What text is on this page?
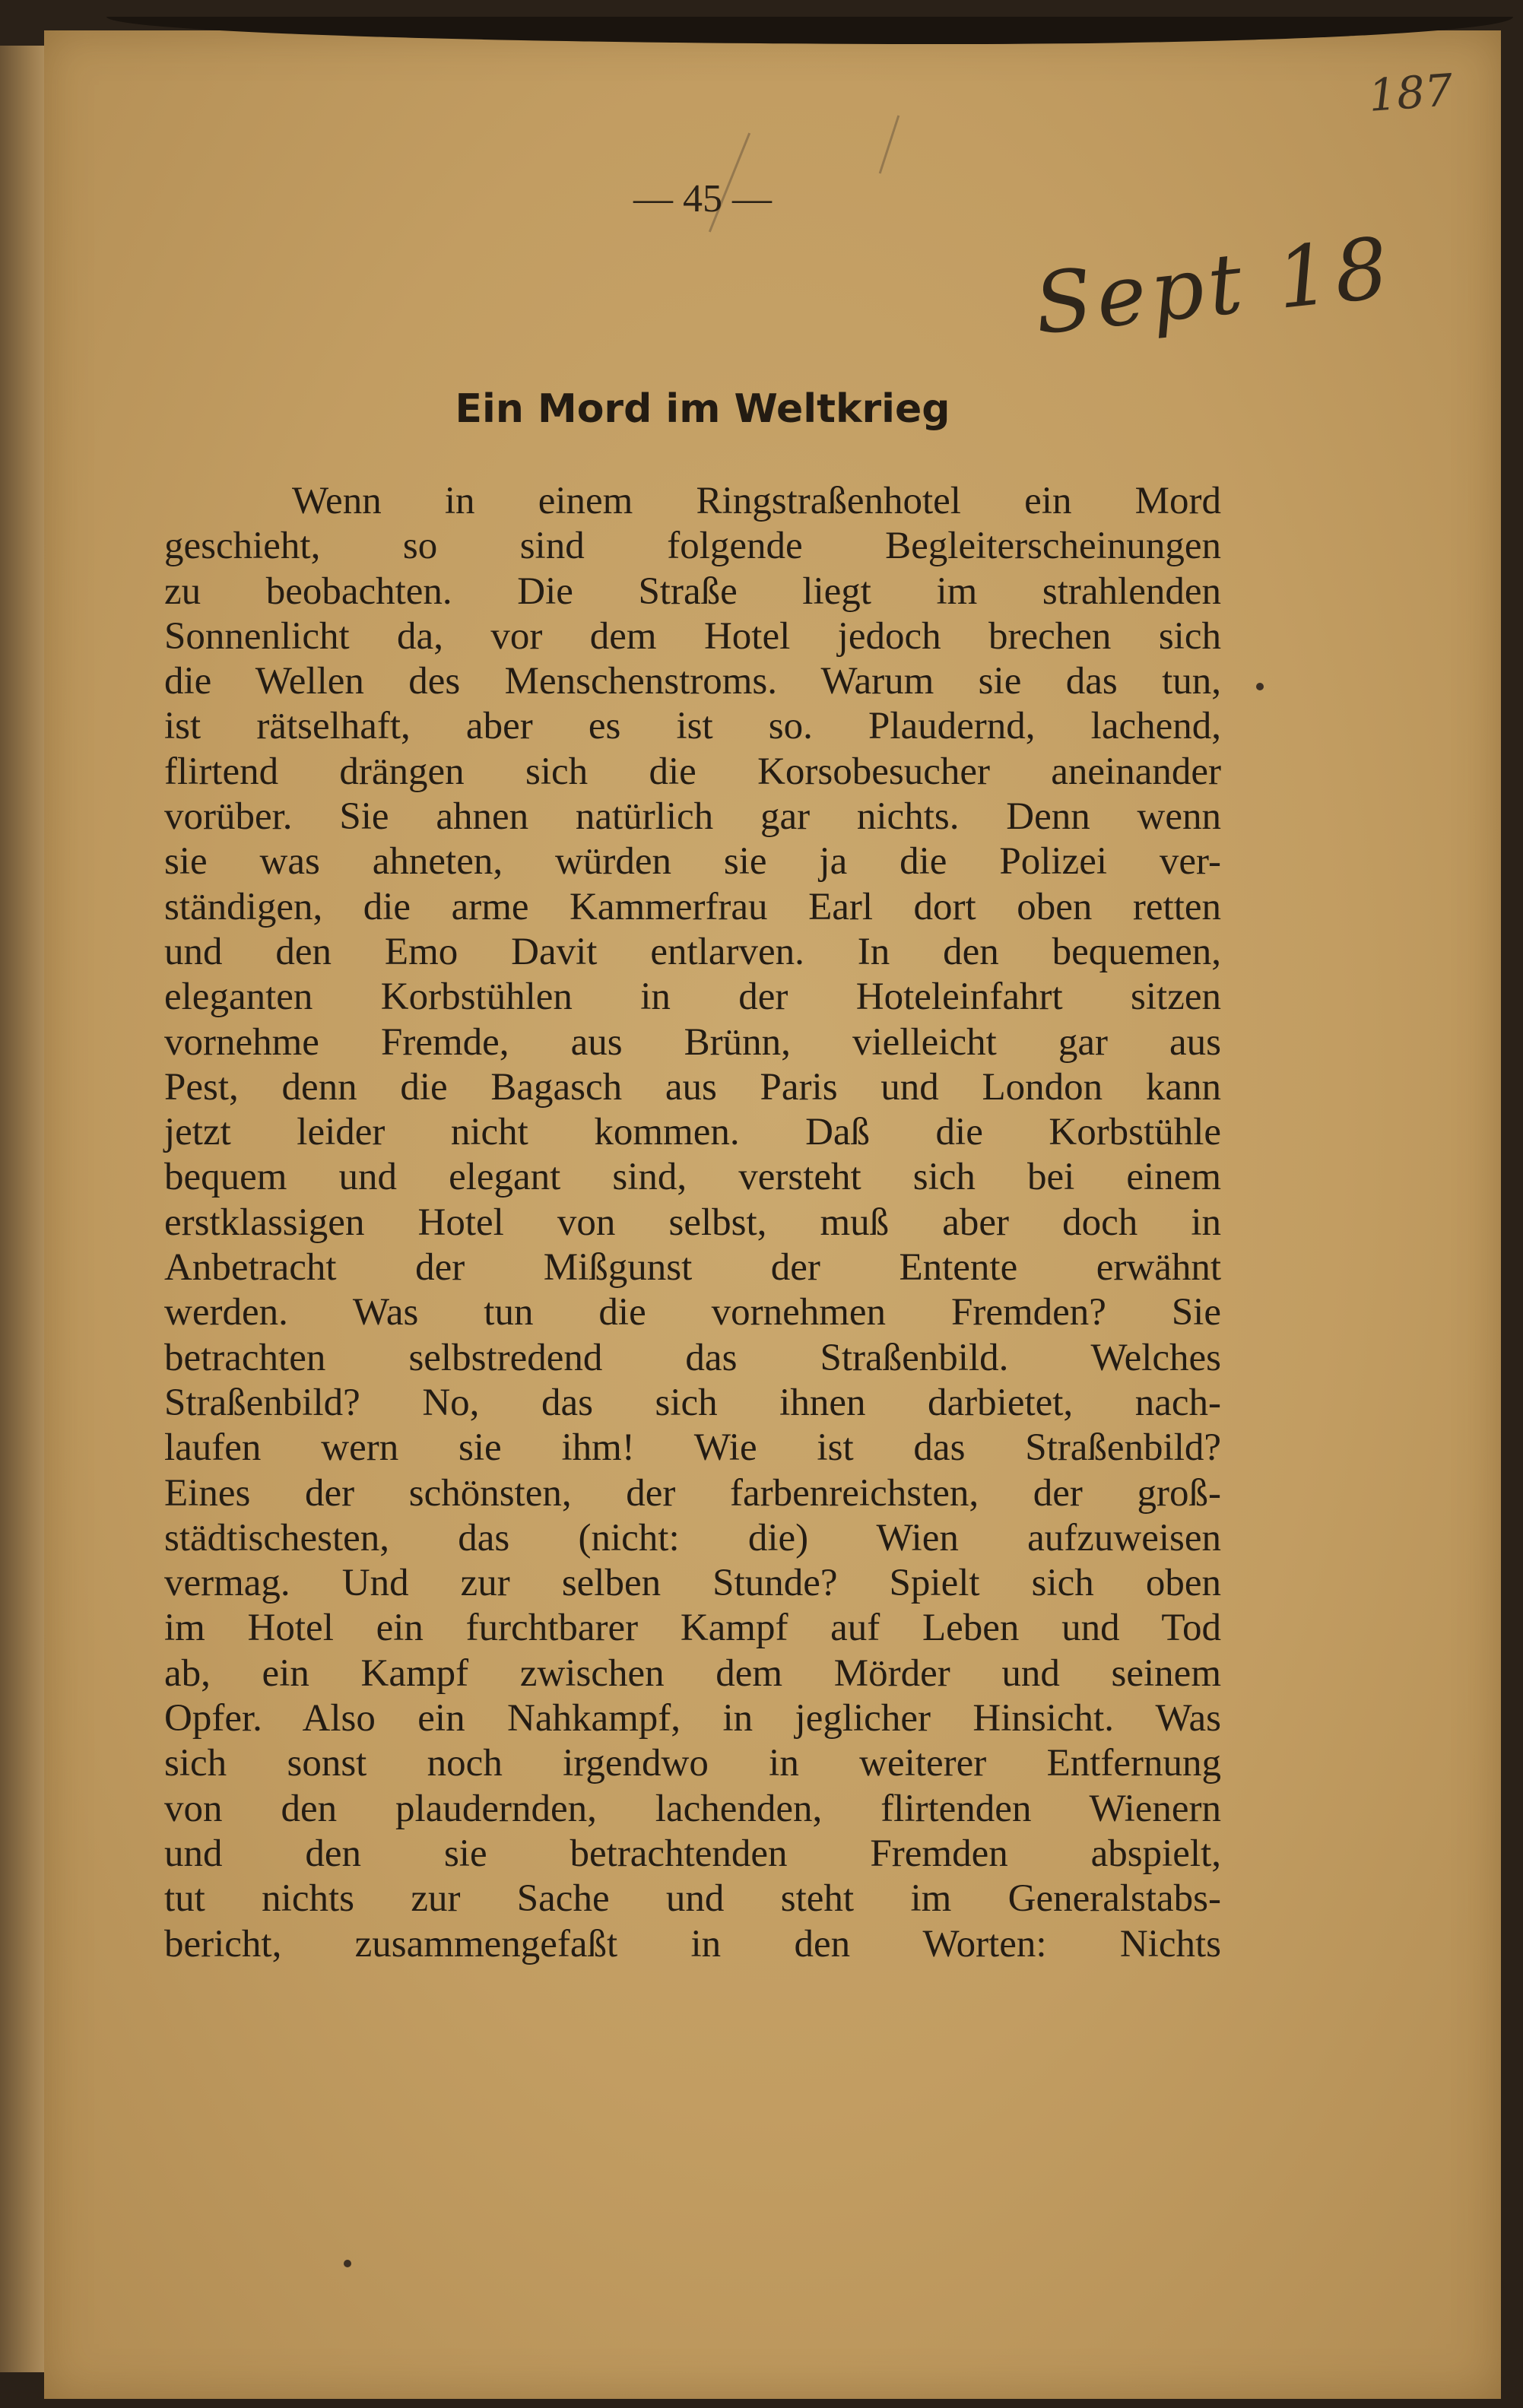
187
— 45 —
Sept 18
Ein Mord im Weltkrieg
Wenn in einem Ringstraßenhotel ein Mord
geschieht, so sind folgende Begleiterscheinungen
zu beobachten. Die Straße liegt im strahlenden
Sonnenlicht da, vor dem Hotel jedoch brechen sich
die Wellen des Menschenstroms. Warum sie das tun,
ist rätselhaft, aber es ist so. Plaudernd, lachend,
flirtend drängen sich die Korsobesucher aneinander
vorüber. Sie ahnen natürlich gar nichts. Denn wenn
sie was ahneten, würden sie ja die Polizei ver-
ständigen, die arme Kammerfrau Earl dort oben retten
und den Emo Davit entlarven. In den bequemen,
eleganten Korbstühlen in der Hoteleinfahrt sitzen
vornehme Fremde, aus Brünn, vielleicht gar aus
Pest, denn die Bagasch aus Paris und London kann
jetzt leider nicht kommen. Daß die Korbstühle
bequem und elegant sind, versteht sich bei einem
erstklassigen Hotel von selbst, muß aber doch in
Anbetracht der Mißgunst der Entente erwähnt
werden. Was tun die vornehmen Fremden? Sie
betrachten selbstredend das Straßenbild. Welches
Straßenbild? No, das sich ihnen darbietet, nach-
laufen wern sie ihm! Wie ist das Straßenbild?
Eines der schönsten, der farbenreichsten, der groß-
städtischesten, das (nicht: die) Wien aufzuweisen
vermag. Und zur selben Stunde? Spielt sich oben
im Hotel ein furchtbarer Kampf auf Leben und Tod
ab, ein Kampf zwischen dem Mörder und seinem
Opfer. Also ein Nahkampf, in jeglicher Hinsicht. Was
sich sonst noch irgendwo in weiterer Entfernung
von den plaudernden, lachenden, flirtenden Wienern
und den sie betrachtenden Fremden abspielt,
tut nichts zur Sache und steht im Generalstabs-
bericht, zusammengefaßt in den Worten: Nichts
